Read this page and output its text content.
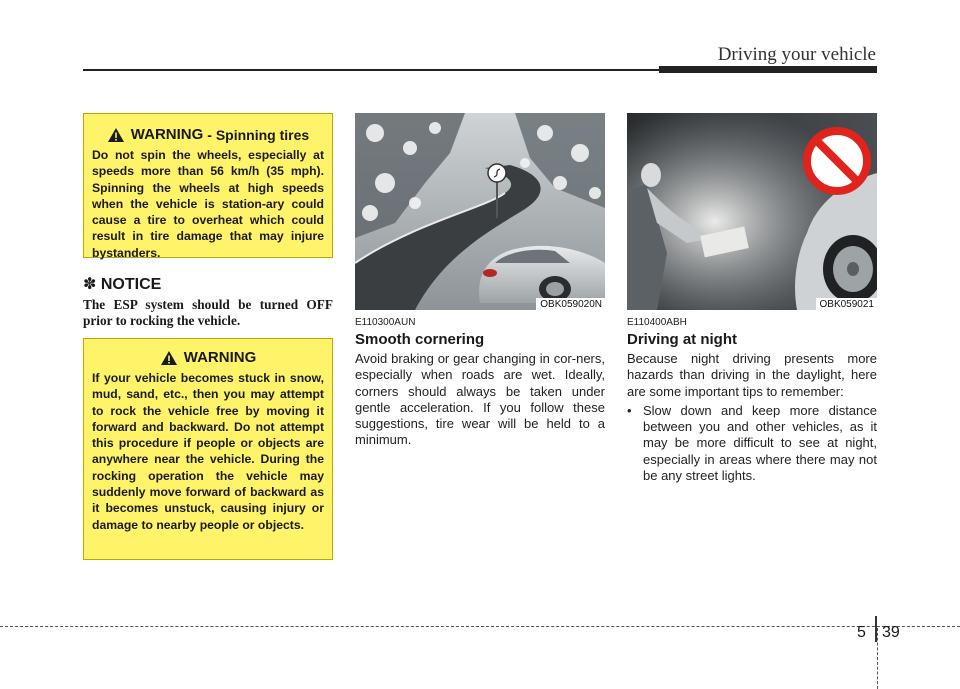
Driving your vehicle
WARNING - Spinning tires
Do not spin the wheels, especially at speeds more than 56 km/h (35 mph). Spinning the wheels at high speeds when the vehicle is station-ary could cause a tire to overheat which could result in tire damage that may injure bystanders.
✽ NOTICE
The ESP system should be turned OFF prior to rocking the vehicle.
WARNING
If your vehicle becomes stuck in snow, mud, sand, etc., then you may attempt to rock the vehicle free by moving it forward and backward. Do not attempt this procedure if people or objects are anywhere near the vehicle. During the rocking operation the vehicle may suddenly move forward of backward as it becomes unstuck, causing injury or damage to nearby people or objects.
OBK059020N
E110300AUN
Smooth cornering
Avoid braking or gear changing in cor-ners, especially when roads are wet. Ideally, corners should always be taken under gentle acceleration. If you follow these suggestions, tire wear will be held to a minimum.
OBK059021
E110400ABH
Driving at night
Because night driving presents more hazards than driving in the daylight, here are some important tips to remember:
• Slow down and keep more distance between you and other vehicles, as it may be more difficult to see at night, especially in areas where there may not be any street lights.
5 39
